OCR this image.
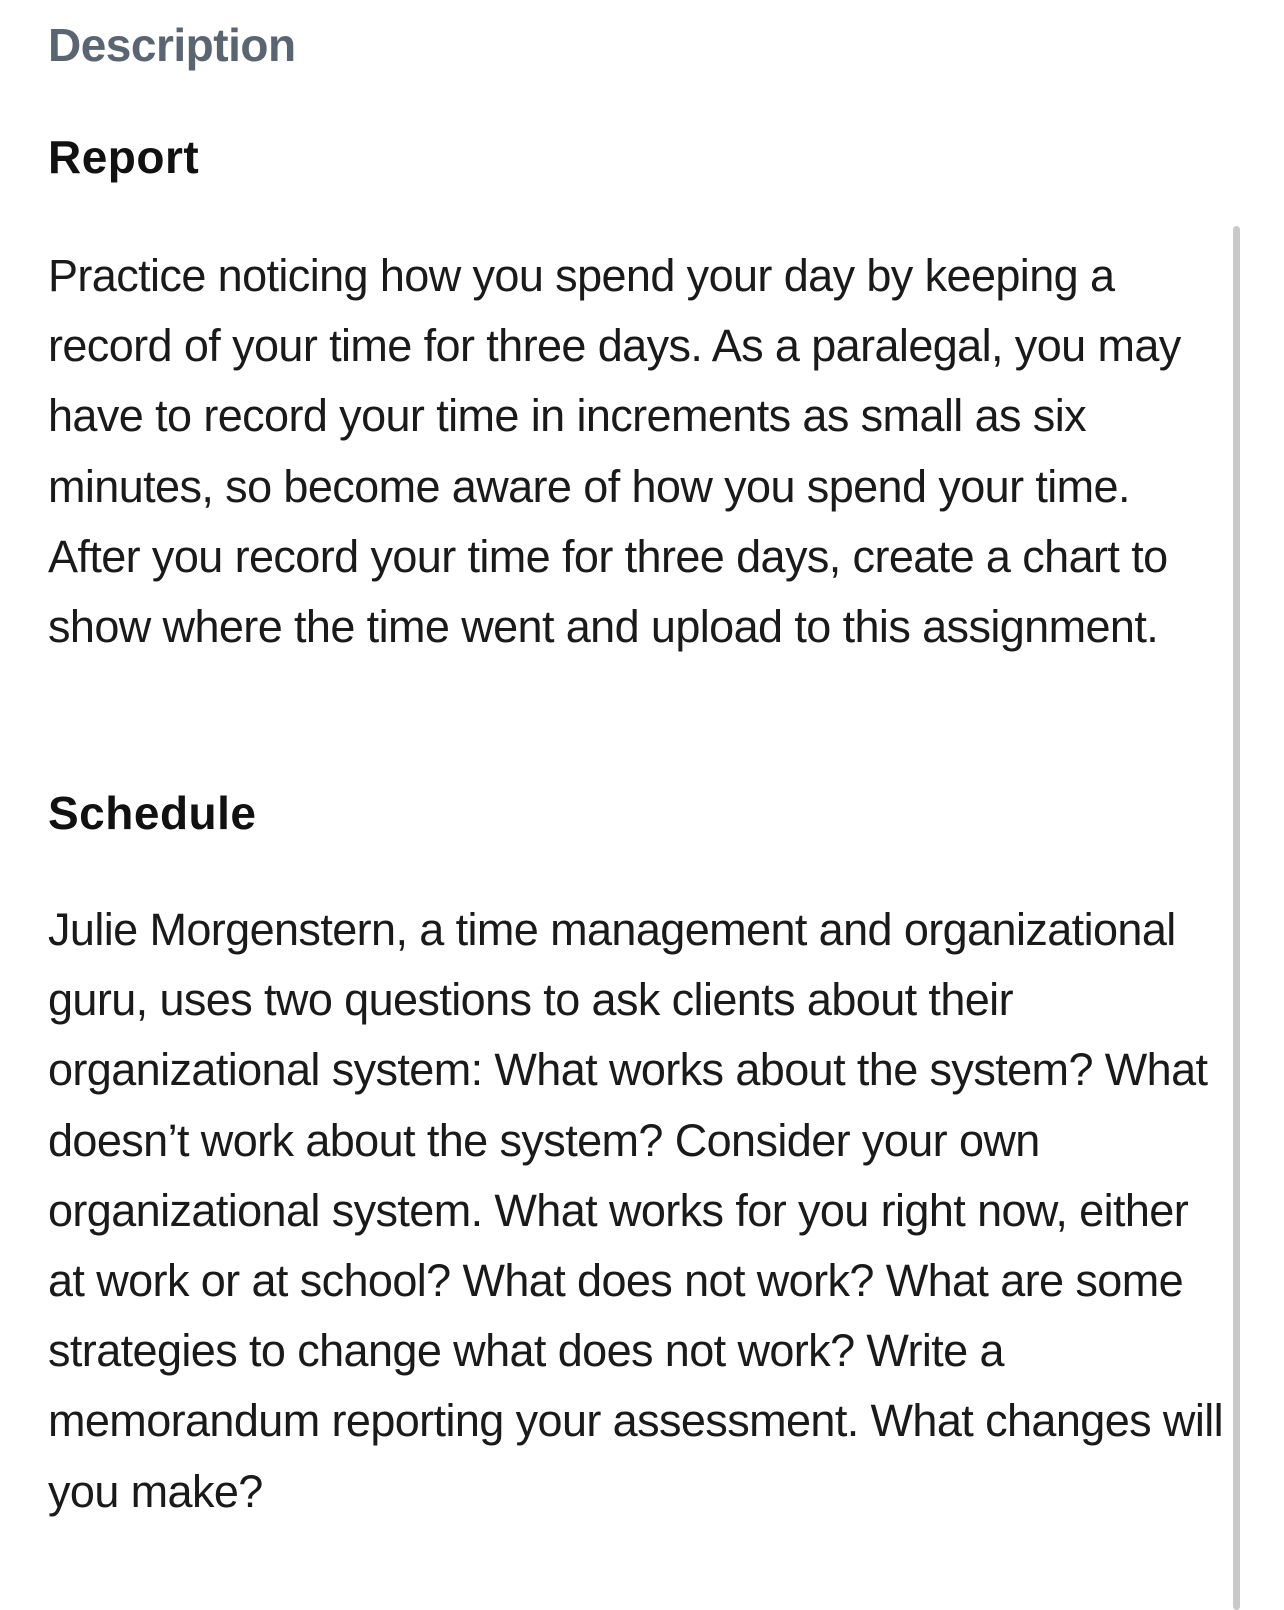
Description
Report
Practice noticing how you spend your day by keeping a record of your time for three days. As a paralegal, you may have to record your time in increments as small as six minutes, so become aware of how you spend your time. After you record your time for three days, create a chart to show where the time went and upload to this assignment.
Schedule
Julie Morgenstern, a time management and organizational guru, uses two questions to ask clients about their organizational system: What works about the system? What doesn’t work about the system? Consider your own organizational system. What works for you right now, either at work or at school? What does not work? What are some strategies to change what does not work? Write a memorandum reporting your assessment. What changes will you make?
